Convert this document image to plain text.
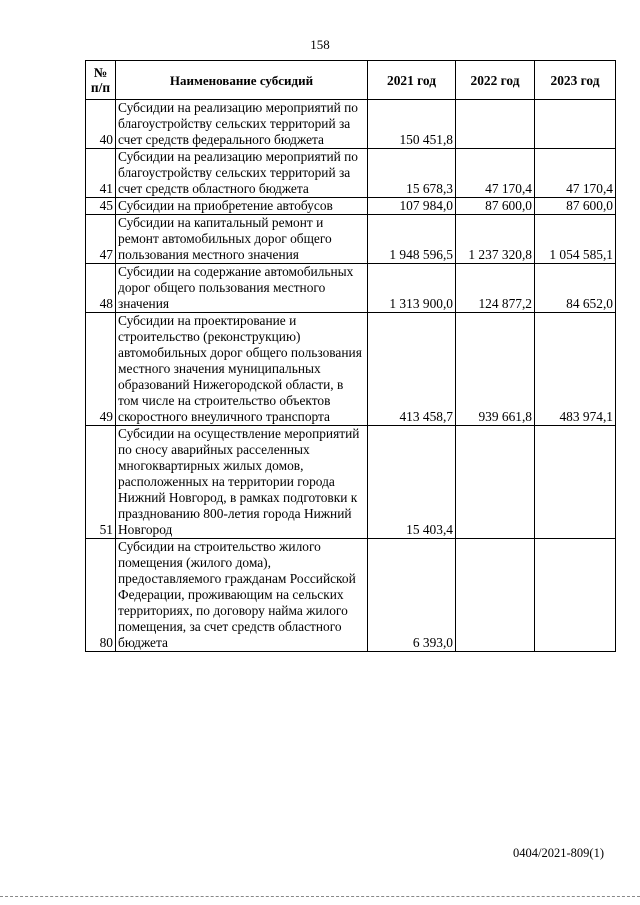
158
№ п/п	Наименование субсидий	2021 год	2022 год	2023 год
40	Субсидии на реализацию мероприятий по благоустройству сельских территорий за счет средств федерального бюджета	150 451,8		
41	Субсидии на реализацию мероприятий по благоустройству сельских территорий за счет средств областного бюджета	15 678,3	47 170,4	47 170,4
45	Субсидии на приобретение автобусов	107 984,0	87 600,0	87 600,0
47	Субсидии на капитальный ремонт и ремонт автомобильных дорог общего пользования местного значения	1 948 596,5	1 237 320,8	1 054 585,1
48	Субсидии на содержание автомобильных дорог общего пользования местного значения	1 313 900,0	124 877,2	84 652,0
49	Субсидии на проектирование и строительство (реконструкцию) автомобильных дорог общего пользования местного значения муниципальных образований Нижегородской области, в том числе на строительство объектов скоростного внеуличного транспорта	413 458,7	939 661,8	483 974,1
51	Субсидии на осуществление мероприятий по сносу аварийных расселенных многоквартирных жилых домов, расположенных на территории города Нижний Новгород, в рамках подготовки к празднованию 800-летия города Нижний Новгород	15 403,4		
80	Субсидии на строительство жилого помещения (жилого дома), предоставляемого гражданам Российской Федерации, проживающим на сельских территориях, по договору найма жилого помещения, за счет средств областного бюджета	6 393,0		
0404/2021-809(1)
